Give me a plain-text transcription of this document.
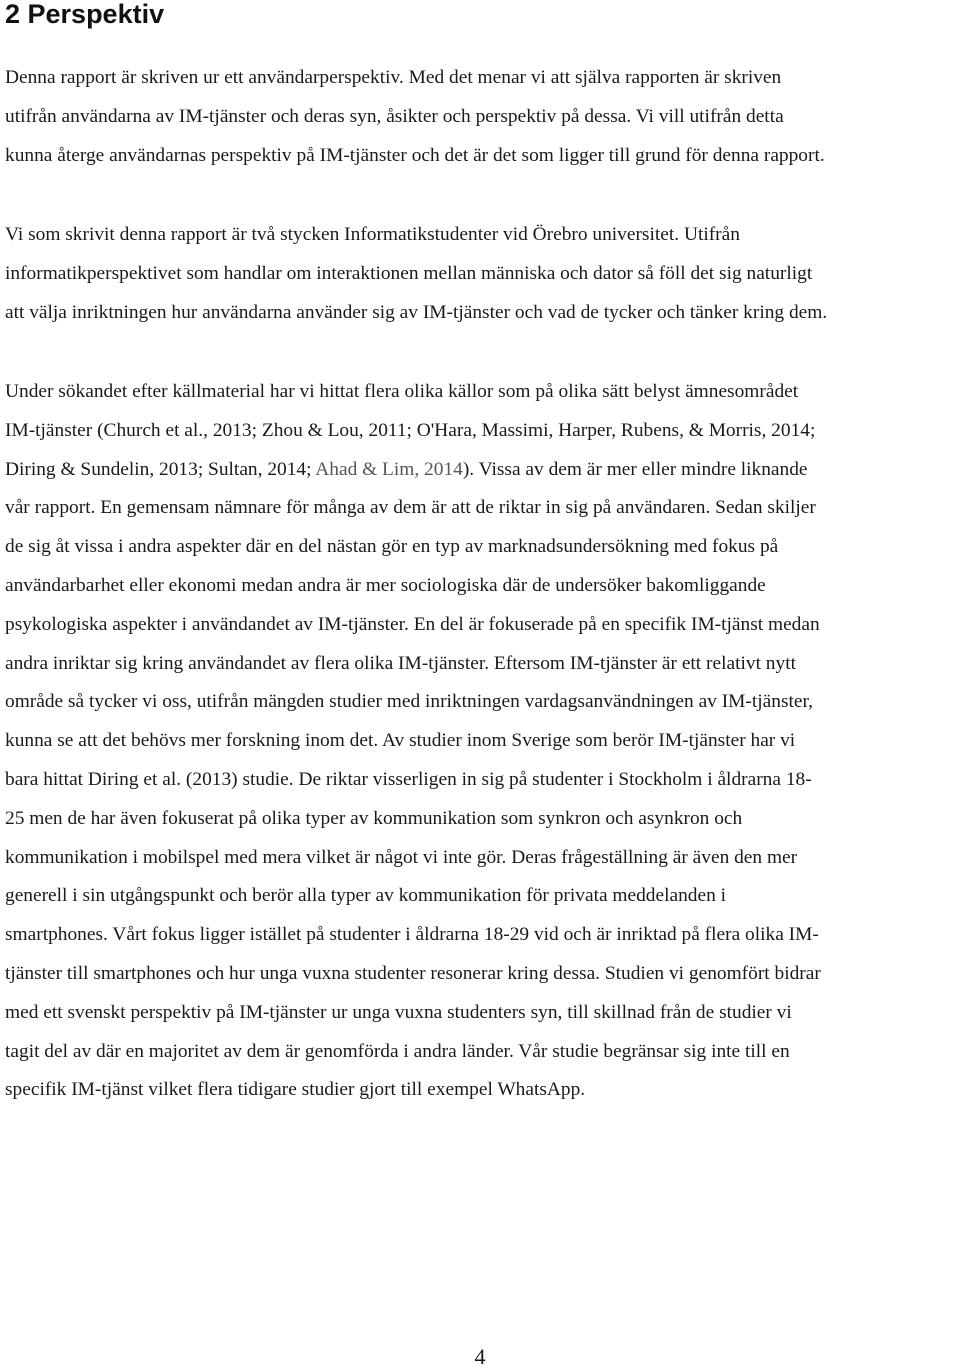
2 Perspektiv

Denna rapport är skriven ur ett användarperspektiv. Med det menar vi att själva rapporten är skriven
utifrån användarna av IM-tjänster och deras syn, åsikter och perspektiv på dessa. Vi vill utifrån detta
kunna återge användarnas perspektiv på IM-tjänster och det är det som ligger till grund för denna rapport.

Vi som skrivit denna rapport är två stycken Informatikstudenter vid Örebro universitet. Utifrån
informatikperspektivet som handlar om interaktionen mellan människa och dator så föll det sig naturligt
att välja inriktningen hur användarna använder sig av IM-tjänster och vad de tycker och tänker kring dem.

Under sökandet efter källmaterial har vi hittat flera olika källor som på olika sätt belyst ämnesområdet
IM-tjänster (Church et al., 2013; Zhou & Lou, 2011; O'Hara, Massimi, Harper, Rubens, & Morris, 2014;
Diring & Sundelin, 2013; Sultan, 2014; Ahad & Lim, 2014). Vissa av dem är mer eller mindre liknande
vår rapport. En gemensam nämnare för många av dem är att de riktar in sig på användaren. Sedan skiljer
de sig åt vissa i andra aspekter där en del nästan gör en typ av marknadsundersökning med fokus på
användarbarhet eller ekonomi medan andra är mer sociologiska där de undersöker bakomliggande
psykologiska aspekter i användandet av IM-tjänster. En del är fokuserade på en specifik IM-tjänst medan
andra inriktar sig kring användandet av flera olika IM-tjänster. Eftersom IM-tjänster är ett relativt nytt
område så tycker vi oss, utifrån mängden studier med inriktningen vardagsanvändningen av IM-tjänster,
kunna se att det behövs mer forskning inom det. Av studier inom Sverige som berör IM-tjänster har vi
bara hittat Diring et al. (2013) studie. De riktar visserligen in sig på studenter i Stockholm i åldrarna 18-
25 men de har även fokuserat på olika typer av kommunikation som synkron och asynkron och
kommunikation i mobilspel med mera vilket är något vi inte gör. Deras frågeställning är även den mer
generell i sin utgångspunkt och berör alla typer av kommunikation för privata meddelanden i
smartphones. Vårt fokus ligger istället på studenter i åldrarna 18-29 vid och är inriktad på flera olika IM-
tjänster till smartphones och hur unga vuxna studenter resonerar kring dessa. Studien vi genomfört bidrar
med ett svenskt perspektiv på IM-tjänster ur unga vuxna studenters syn, till skillnad från de studier vi
tagit del av där en majoritet av dem är genomförda i andra länder. Vår studie begränsar sig inte till en
specifik IM-tjänst vilket flera tidigare studier gjort till exempel WhatsApp.

4
